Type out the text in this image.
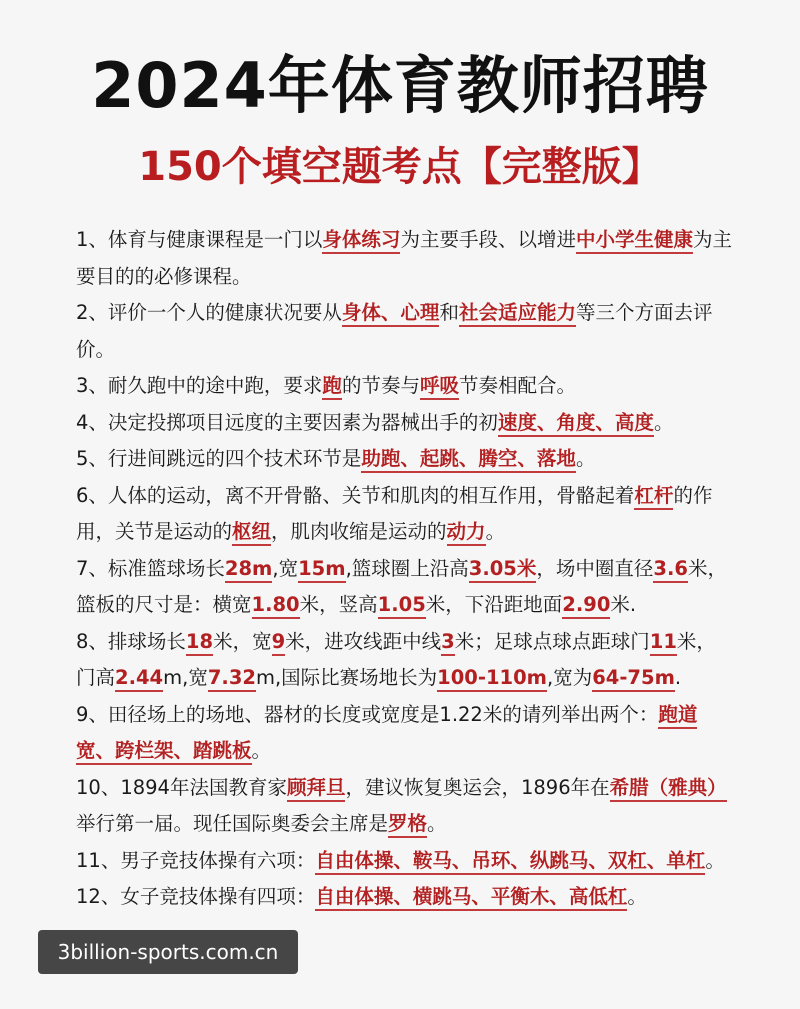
2024年体育教师招聘
150个填空题考点【完整版】

1、体育与健康课程是一门以身体练习为主要手段、以增进中小学生健康为主要目的的必修课程。

2、评价一个人的健康状况要从身体、心理和社会适应能力等三个方面去评价。

3、耐久跑中的途中跑，要求跑的节奏与呼吸节奏相配合。

4、决定投掷项目远度的主要因素为器械出手的初速度、角度、高度。

5、行进间跳远的四个技术环节是助跑、起跳、腾空、落地。

6、人体的运动，离不开骨骼、关节和肌肉的相互作用，骨骼起着杠杆的作用，关节是运动的枢纽，肌肉收缩是运动的动力。

7、标准篮球场长28m,宽15m,篮球圈上沿高3.05米，场中圈直径3.6米，篮板的尺寸是：横宽1.80米，竖高1.05米，下沿距地面2.90米.

8、排球场长18米，宽9米，进攻线距中线3米；足球点球点距球门11米，门高2.44m,宽7.32m,国际比赛场地长为100-110m,宽为64-75m.

9、田径场上的场地、器材的长度或宽度是1.22米的请列举出两个：跑道宽、跨栏架、踏跳板。

10、1894年法国教育家顾拜旦，建议恢复奥运会，1896年在希腊（雅典）举行第一届。现任国际奥委会主席是罗格。

11、男子竞技体操有六项：自由体操、鞍马、吊环、纵跳马、双杠、单杠。

12、女子竞技体操有四项：自由体操、横跳马、平衡木、高低杠。

3billion-sports.com.cn
